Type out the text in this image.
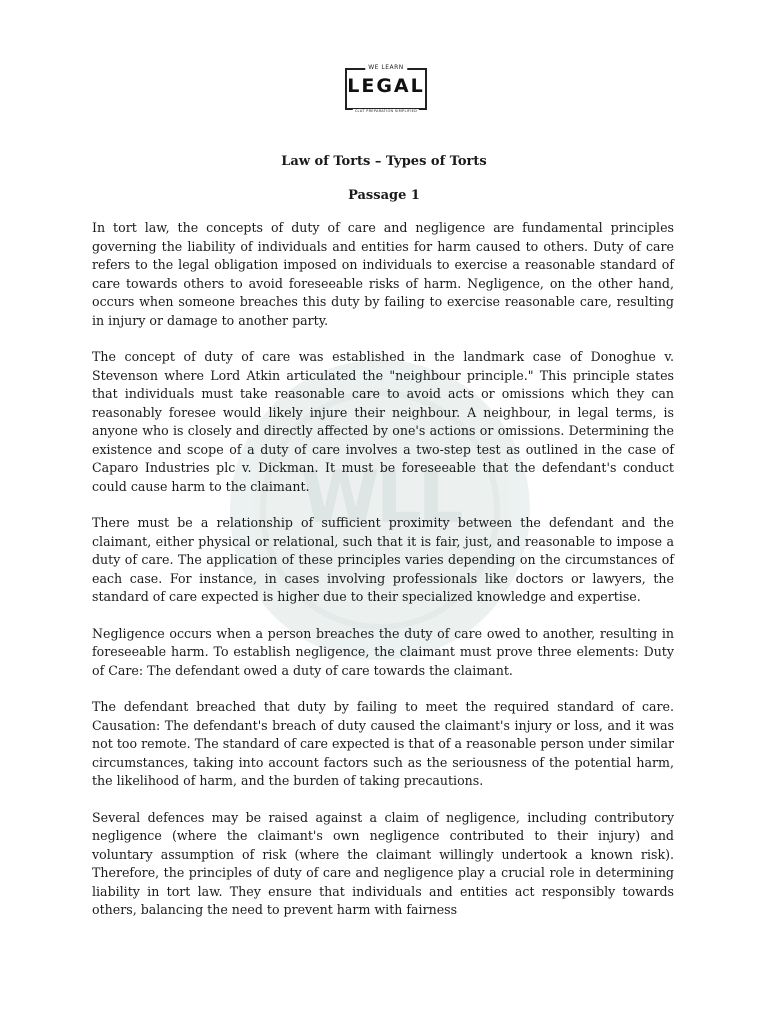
WLL
WE LEARN
LEGAL
CLAT PREPARATION SIMPLIFIED
Law of Torts – Types of Torts
Passage 1

In tort law, the concepts of duty of care and negligence are fundamental principles governing the liability of individuals and entities for harm caused to others. Duty of care refers to the legal obligation imposed on individuals to exercise a reasonable standard of care towards others to avoid foreseeable risks of harm. Negligence, on the other hand, occurs when someone breaches this duty by failing to exercise reasonable care, resulting in injury or damage to another party.

The concept of duty of care was established in the landmark case of Donoghue v. Stevenson where Lord Atkin articulated the "neighbour principle." This principle states that individuals must take reasonable care to avoid acts or omissions which they can reasonably foresee would likely injure their neighbour. A neighbour, in legal terms, is anyone who is closely and directly affected by one's actions or omissions. Determining the existence and scope of a duty of care involves a two-step test as outlined in the case of Caparo Industries plc v. Dickman. It must be foreseeable that the defendant's conduct could cause harm to the claimant.

There must be a relationship of sufficient proximity between the defendant and the claimant, either physical or relational, such that it is fair, just, and reasonable to impose a duty of care. The application of these principles varies depending on the circumstances of each case. For instance, in cases involving professionals like doctors or lawyers, the standard of care expected is higher due to their specialized knowledge and expertise.

Negligence occurs when a person breaches the duty of care owed to another, resulting in foreseeable harm. To establish negligence, the claimant must prove three elements: Duty of Care: The defendant owed a duty of care towards the claimant.

The defendant breached that duty by failing to meet the required standard of care. Causation: The defendant's breach of duty caused the claimant's injury or loss, and it was not too remote. The standard of care expected is that of a reasonable person under similar circumstances, taking into account factors such as the seriousness of the potential harm, the likelihood of harm, and the burden of taking precautions.

Several defences may be raised against a claim of negligence, including contributory negligence (where the claimant's own negligence contributed to their injury) and voluntary assumption of risk (where the claimant willingly undertook a known risk). Therefore, the principles of duty of care and negligence play a crucial role in determining liability in tort law. They ensure that individuals and entities act responsibly towards others, balancing the need to prevent harm with fairness
